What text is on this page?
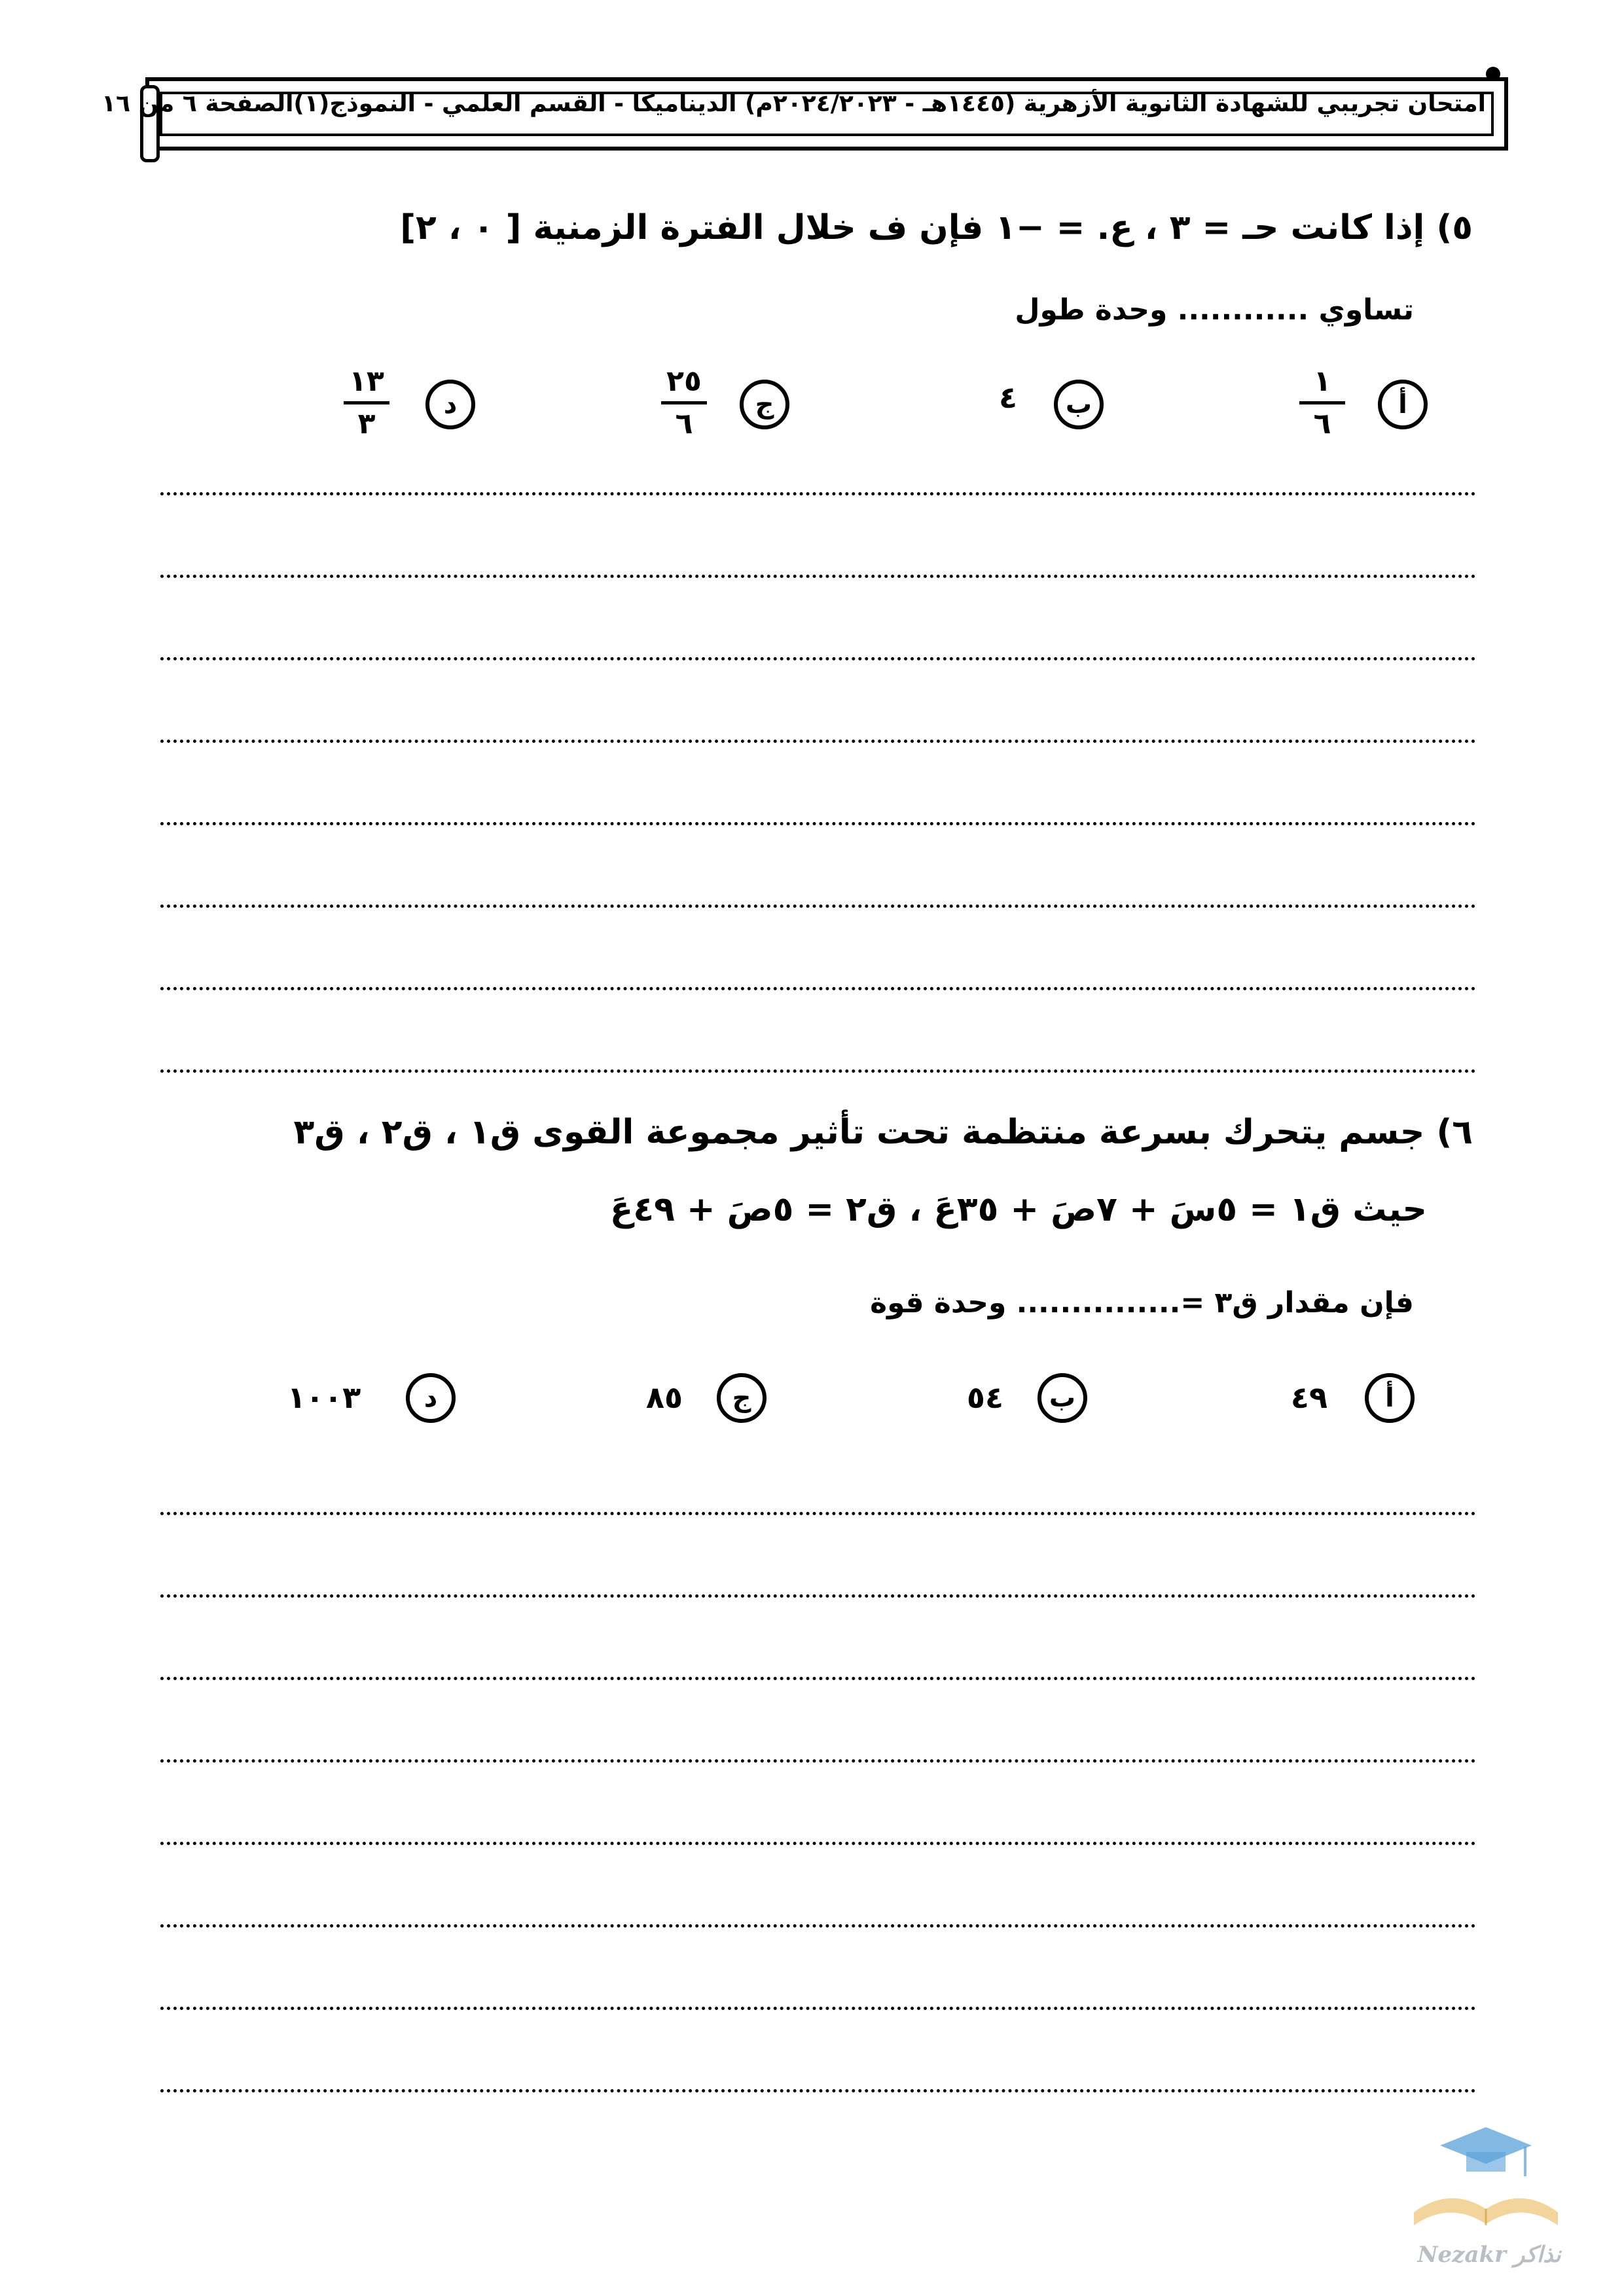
امتحان تجريبي للشهادة الثانوية الأزهرية (١٤٤٥هـ - ٢٠٢٤/٢٠٢٣م) الديناميكا - القسم العلمي - النموذج(١)الصفحة ٦ من ١٦
٥) إذا كانت حـ = ٣ ، ع. = −١ فإن ف خلال الفترة الزمنية [ ٠ ، ٢]
تساوي ............ وحدة طول
أ
١
٦
ب
٤
ج
٢٥
٦
د
١٣
٣
٦) جسم يتحرك بسرعة منتظمة تحت تأثير مجموعة القوى ق١ ، ق٢ ، ق٣
حيث ق١ = ٥سَ + ٧صَ + ٣٥عَ ، ق٢ = ٥صَ + ٤٩عَ
فإن مقدار ق٣ =............... وحدة قوة
أ
٤٩
ب
٥٤
ج
٨٥
د
١٠٠٣
Nezakr نذاكر
